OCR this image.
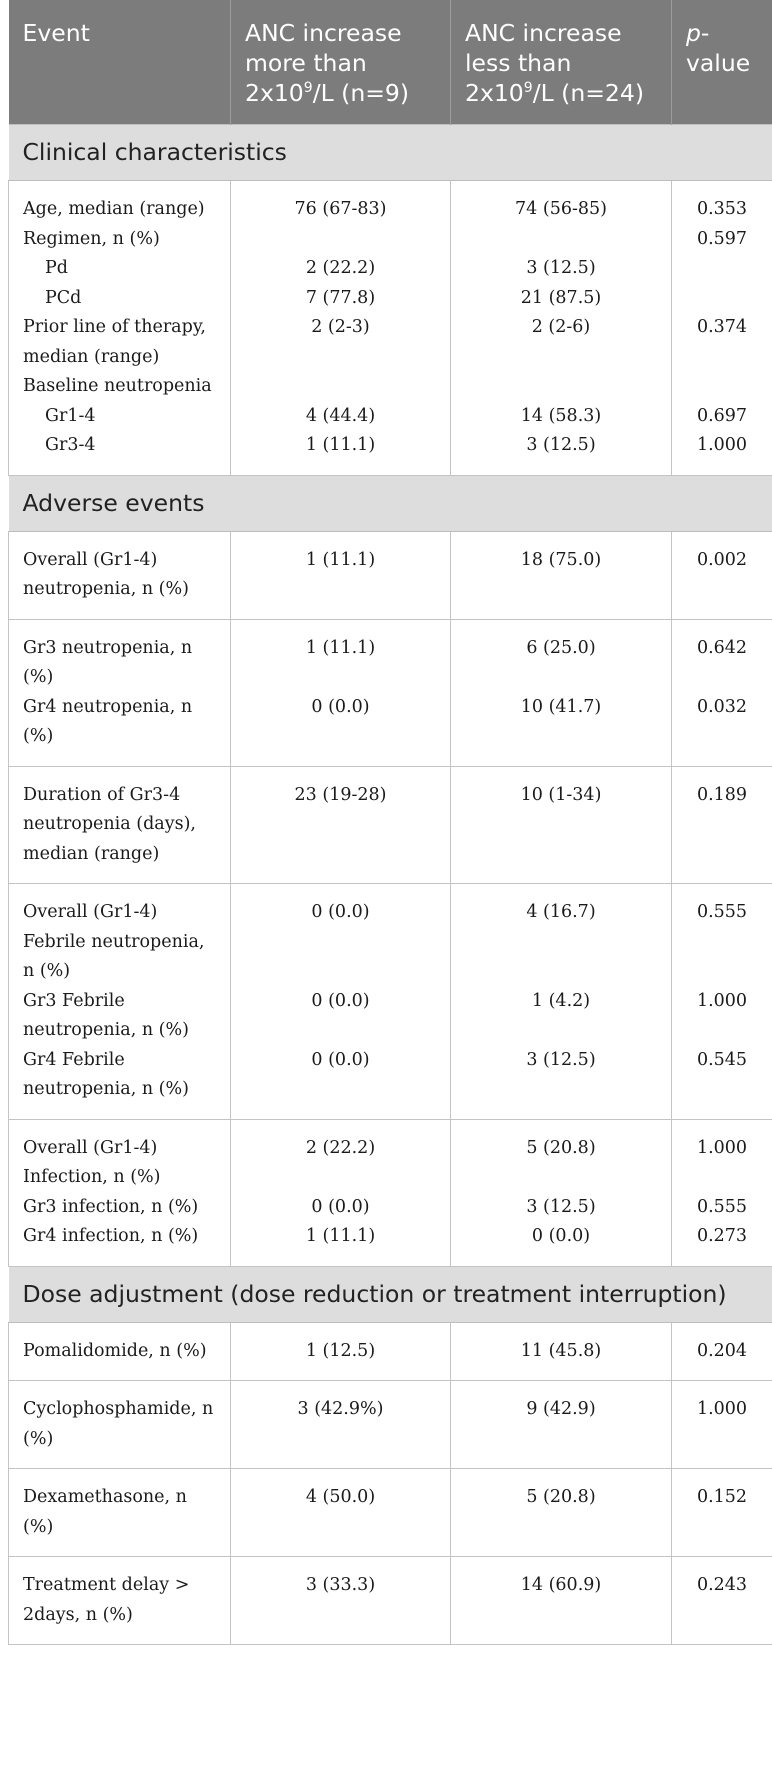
Event	ANC increase more than $2x10^9/L$ (n=9)	ANC increase less than $2x10^9/L$ (n=24)	p-value
Clinical characteristics			
Age, median (range)	76 (67-83)	74 (56-85)	0.353
Regimen, n (%)			0.597

Pd	2 (22.2)	3 (12.5)	

PCd	7 (77.8)	21 (87.5)	
Prior line of therapy, median (range)	2 (2-3)	2 (2-6)	0.374
Baseline neutropenia			

Gr1-4	4 (44.4)	14 (58.3)	0.697

Gr3-4	1 (11.1)	3 (12.5)	1.000
Adverse events			
Overall (Gr1-4) neutropenia, n (%)	1 (11.1)	18 (75.0)	0.002
Gr3 neutropenia, n (%)	1 (11.1)	6 (25.0)	0.642
Gr4 neutropenia, n (%)	0 (0.0)	10 (41.7)	0.032
Duration of Gr3-4 neutropenia (days), median (range)	23 (19-28)	10 (1-34)	0.189
Overall (Gr1-4) Febrile neutropenia, n (%)	0 (0.0)	4 (16.7)	0.555
Gr3 Febrile neutropenia, n (%)	0 (0.0)	1 (4.2)	1.000
Gr4 Febrile neutropenia, n (%)	0 (0.0)	3 (12.5)	0.545
Overall (Gr1-4) Infection, n (%)	2 (22.2)	5 (20.8)	1.000
Gr3 infection, n (%)	0 (0.0)	3 (12.5)	0.555
Gr4 infection, n (%)	1 (11.1)	0 (0.0)	0.273
Dose adjustment (dose reduction or treatment interruption)			
Pomalidomide, n (%)	1 (12.5)	11 (45.8)	0.204
Cyclophosphamide, n (%)	3 (42.9%)	9 (42.9)	1.000
Dexamethasone, n (%)	4 (50.0)	5 (20.8)	0.152
Treatment delay > 2days, n (%)	3 (33.3)	14 (60.9)	0.243
